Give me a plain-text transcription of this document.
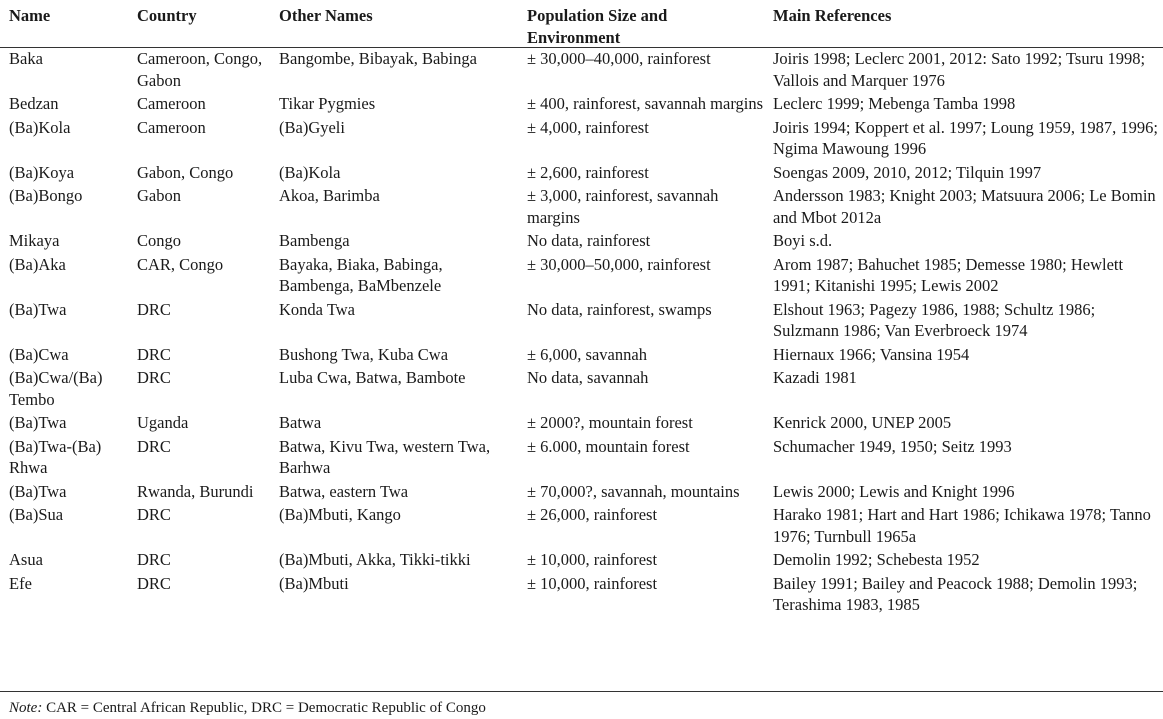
Name	Country	Other Names	Population Size and Environment	Main References
Baka	Cameroon, Congo, Gabon	Bangombe, Bibayak, Babinga	± 30,000–40,000, rainforest	Joiris 1998; Leclerc 2001, 2012: Sato 1992; Tsuru 1998; Vallois and Marquer 1976
Bedzan	Cameroon	Tikar Pygmies	± 400, rainforest, savannah margins	Leclerc 1999; Mebenga Tamba 1998
(Ba)Kola	Cameroon	(Ba)Gyeli	± 4,000, rainforest	Joiris 1994; Koppert et al. 1997; Loung 1959, 1987, 1996; Ngima Mawoung 1996
(Ba)Koya	Gabon, Congo	(Ba)Kola	± 2,600, rainforest	Soengas 2009, 2010, 2012; Tilquin 1997
(Ba)Bongo	Gabon	Akoa, Barimba	± 3,000, rainforest, savannah margins	Andersson 1983; Knight 2003; Matsuura 2006; Le Bomin and Mbot 2012a
Mikaya	Congo	Bambenga	No data, rainforest	Boyi s.d.
(Ba)Aka	CAR, Congo	Bayaka, Biaka, Babinga, Bambenga, BaMbenzele	± 30,000–50,000, rainforest	Arom 1987; Bahuchet 1985; Demesse 1980; Hewlett 1991; Kitanishi 1995; Lewis 2002
(Ba)Twa	DRC	Konda Twa	No data, rainforest, swamps	Elshout 1963; Pagezy 1986, 1988; Schultz 1986; Sulzmann 1986; Van Everbroeck 1974
(Ba)Cwa	DRC	Bushong Twa, Kuba Cwa	± 6,000, savannah	Hiernaux 1966; Vansina 1954
(Ba)Cwa/(Ba) Tembo	DRC	Luba Cwa, Batwa, Bambote	No data, savannah	Kazadi 1981
(Ba)Twa	Uganda	Batwa	± 2000?, mountain forest	Kenrick 2000, UNEP 2005
(Ba)Twa-(Ba) Rhwa	DRC	Batwa, Kivu Twa, western Twa, Barhwa	± 6.000, mountain forest	Schumacher 1949, 1950; Seitz 1993
(Ba)Twa	Rwanda, Burundi	Batwa, eastern Twa	± 70,000?, savannah, mountains	Lewis 2000; Lewis and Knight 1996
(Ba)Sua	DRC	(Ba)Mbuti, Kango	± 26,000, rainforest	Harako 1981; Hart and Hart 1986; Ichikawa 1978; Tanno 1976; Turnbull 1965a
Asua	DRC	(Ba)Mbuti, Akka, Tikki-tikki	± 10,000, rainforest	Demolin 1992; Schebesta 1952
Efe	DRC	(Ba)Mbuti	± 10,000, rainforest	Bailey 1991; Bailey and Peacock 1988; Demolin 1993; Terashima 1983, 1985
Note: CAR = Central African Republic, DRC = Democratic Republic of Congo
